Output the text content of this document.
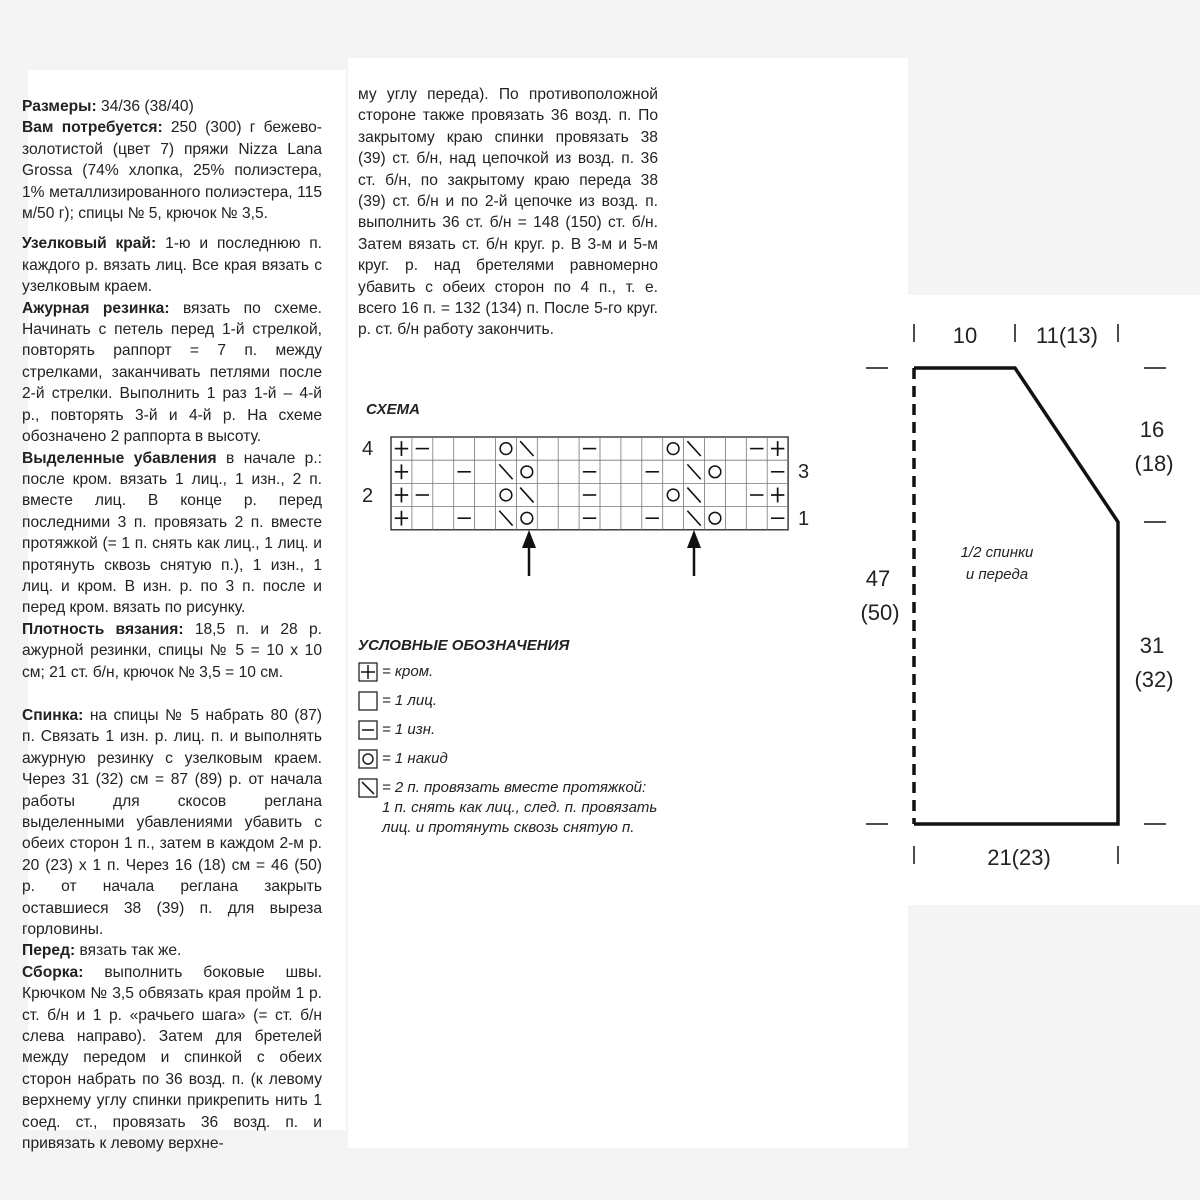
Размеры: 34/36 (38/40)

Вам потребуется: 250 (300) г бежево-золотистой (цвет 7) пряжи Nizza Lana Grossa (74% хлопка, 25% полиэстера, 1% металлизированного полиэстера, 115 м/50 г); спицы № 5, крючок № 3,5.

Узелковый край: 1-ю и последнюю п. каждого р. вязать лиц. Все края вязать с узелковым краем.

Ажурная резинка: вязать по схеме. Начинать с петель перед 1-й стрелкой, повторять раппорт = 7 п. между стрелками, заканчивать петлями после 2-й стрелки. Выполнить 1 раз 1-й – 4-й р., повторять 3-й и 4-й р. На схеме обозначено 2 раппорта в высоту.

Выделенные убавления в начале р.: после кром. вязать 1 лиц., 1 изн., 2 п. вместе лиц. В конце р. перед последними 3 п. провязать 2 п. вместе протяжкой (= 1 п. снять как лиц., 1 лиц. и протянуть сквозь снятую п.), 1 изн., 1 лиц. и кром. В изн. р. по 3 п. после и перед кром. вязать по рисунку.

Плотность вязания: 18,5 п. и 28 р. ажурной резинки, спицы № 5 = 10 x 10 см; 21 ст. б/н, крючок № 3,5 = 10 см.

Спинка: на спицы № 5 набрать 80 (87) п. Связать 1 изн. р. лиц. п. и выполнять ажурную резинку с узелковым краем. Через 31 (32) см = 87 (89) р. от начала работы для скосов реглана выделенными убавлениями убавить с обеих сторон 1 п., затем в каждом 2-м р. 20 (23) x 1 п. Через 16 (18) см = 46 (50) р. от начала реглана закрыть оставшиеся 38 (39) п. для выреза горловины.

Перед: вязать так же.

Сборка: выполнить боковые швы. Крючком № 3,5 обвязать края пройм 1 р. ст. б/н и 1 р. «рачьего шага» (= ст. б/н слева направо). Затем для бретелей между передом и спинкой с обеих сторон набрать по 36 возд. п. (к левому верхнему углу спинки прикрепить нить 1 соед. ст., провязать 36 возд. п. и привязать к левому верхне-

му углу переда). По противоположной стороне также провязать 36 возд. п. По закрытому краю спинки провязать 38 (39) ст. б/н, над цепочкой из возд. п. 36 ст. б/н, по закрытому краю переда 38 (39) ст. б/н и по 2-й цепочке из возд. п. выполнить 36 ст. б/н = 148 (150) ст. б/н. Затем вязать ст. б/н круг. р. В 3-м и 5-м круг. р. над бретелями равномерно убавить с обеих сторон по 4 п., т. е. всего 16 п. = 132 (134) п. После 5-го круг. р. ст. б/н работу закончить.

СХЕМА
4
2
3
1
УСЛОВНЫЕ ОБОЗНАЧЕНИЯ
= кром.
= 1 лиц.
= 1 изн.
= 1 накид
= 2 п. провязать вместе протяжкой: 1 п. снять как лиц., след. п. провязать лиц. и протянуть сквозь снятую п.
10	11(13)
16
(18)
47
(50)
31
(32)
21(23)
1/2 спинки
и переда
